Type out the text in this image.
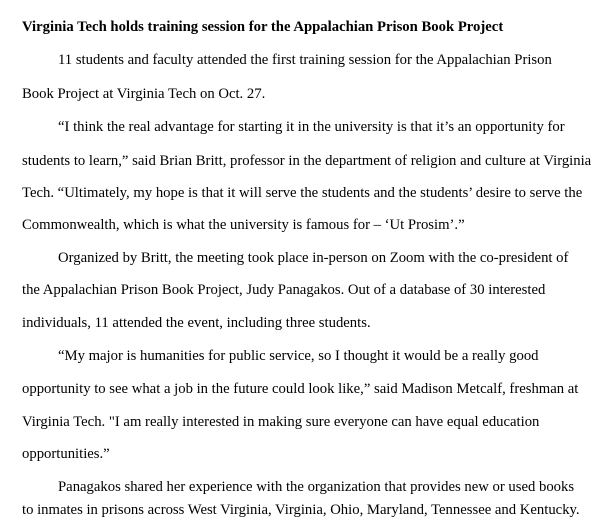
Virginia Tech holds training session for the Appalachian Prison Book Project

11 students and faculty attended the first training session for the Appalachian Prison

Book Project at Virginia Tech on Oct. 27.

“I think the real advantage for starting it in the university is that it’s an opportunity for

students to learn,” said Brian Britt, professor in the department of religion and culture at Virginia

Tech. “Ultimately, my hope is that it will serve the students and the students’ desire to serve the

Commonwealth, which is what the university is famous for – ‘Ut Prosim’.”

Organized by Britt, the meeting took place in-person on Zoom with the co-president of

the Appalachian Prison Book Project, Judy Panagakos. Out of a database of 30 interested

individuals, 11 attended the event, including three students.

“My major is humanities for public service, so I thought it would be a really good

opportunity to see what a job in the future could look like,” said Madison Metcalf, freshman at

Virginia Tech. "I am really interested in making sure everyone can have equal education

opportunities.”

Panagakos shared her experience with the organization that provides new or used books

to inmates in prisons across West Virginia, Virginia, Ohio, Maryland, Tennessee and Kentucky.
